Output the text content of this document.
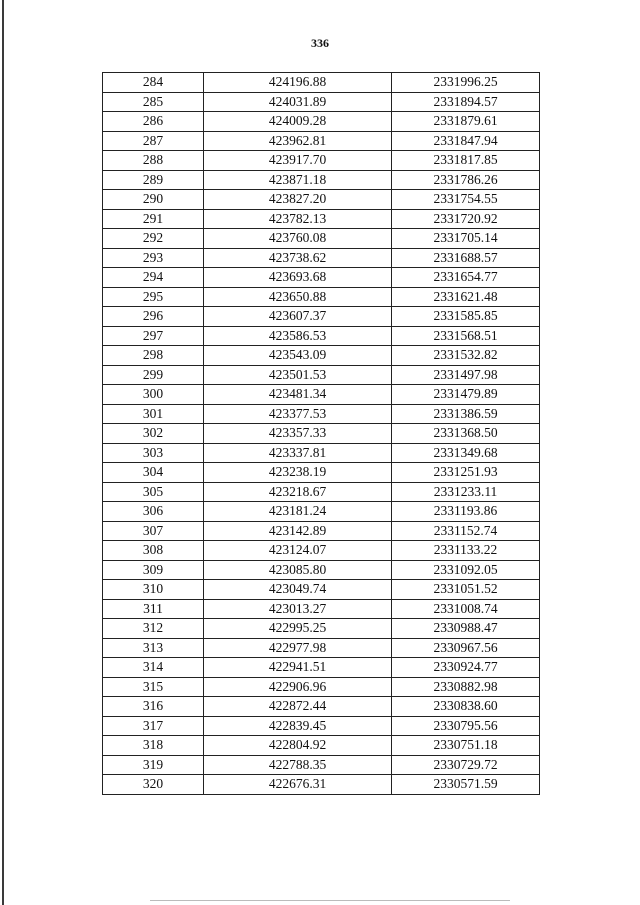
336
284	424196.88	2331996.25
285	424031.89	2331894.57
286	424009.28	2331879.61
287	423962.81	2331847.94
288	423917.70	2331817.85
289	423871.18	2331786.26
290	423827.20	2331754.55
291	423782.13	2331720.92
292	423760.08	2331705.14
293	423738.62	2331688.57
294	423693.68	2331654.77
295	423650.88	2331621.48
296	423607.37	2331585.85
297	423586.53	2331568.51
298	423543.09	2331532.82
299	423501.53	2331497.98
300	423481.34	2331479.89
301	423377.53	2331386.59
302	423357.33	2331368.50
303	423337.81	2331349.68
304	423238.19	2331251.93
305	423218.67	2331233.11
306	423181.24	2331193.86
307	423142.89	2331152.74
308	423124.07	2331133.22
309	423085.80	2331092.05
310	423049.74	2331051.52
311	423013.27	2331008.74
312	422995.25	2330988.47
313	422977.98	2330967.56
314	422941.51	2330924.77
315	422906.96	2330882.98
316	422872.44	2330838.60
317	422839.45	2330795.56
318	422804.92	2330751.18
319	422788.35	2330729.72
320	422676.31	2330571.59
